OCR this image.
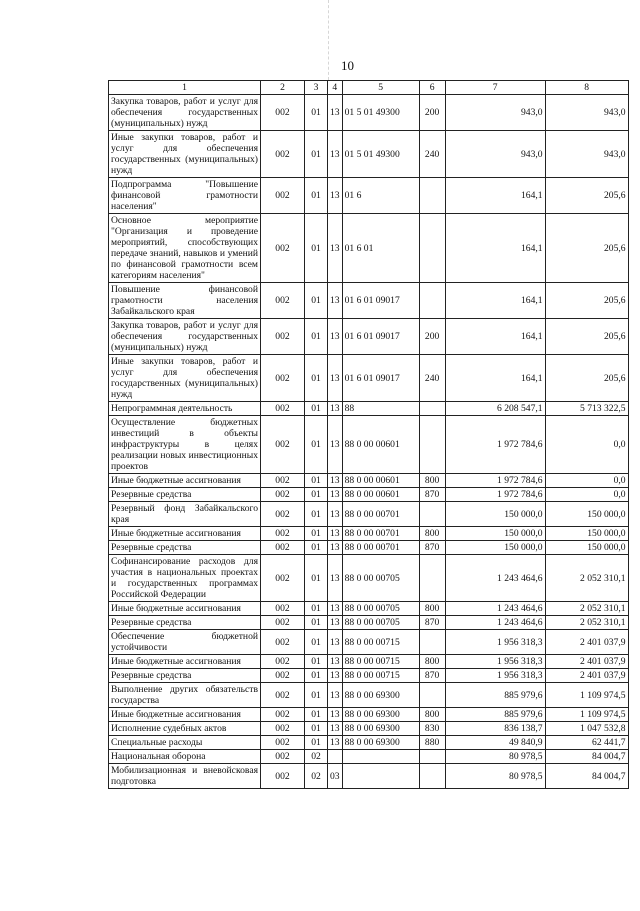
10
1	2	3	4	5	6	7	8
Закупка товаров, работ и услуг для обеспечения государственных (муниципальных) нужд	002	01	13	01 5 01 49300	200	943,0	943,0
Иные закупки товаров, работ и услуг для обеспечения государственных (муниципальных) нужд	002	01	13	01 5 01 49300	240	943,0	943,0
Подпрограмма "Повышение финансовой грамотности населения"	002	01	13	01 6		164,1	205,6
Основное мероприятие "Организация и проведение мероприятий, способствующих передаче знаний, навыков и умений по финансовой грамотности всем категориям населения"	002	01	13	01 6 01		164,1	205,6
Повышение финансовой грамотности населения Забайкальского края	002	01	13	01 6 01 09017		164,1	205,6
Закупка товаров, работ и услуг для обеспечения государственных (муниципальных) нужд	002	01	13	01 6 01 09017	200	164,1	205,6
Иные закупки товаров, работ и услуг для обеспечения государственных (муниципальных) нужд	002	01	13	01 6 01 09017	240	164,1	205,6
Непрограммная деятельность	002	01	13	88		6 208 547,1	5 713 322,5
Осуществление бюджетных инвестиций в объекты инфраструктуры в целях реализации новых инвестиционных проектов	002	01	13	88 0 00 00601		1 972 784,6	0,0
Иные бюджетные ассигнования	002	01	13	88 0 00 00601	800	1 972 784,6	0,0
Резервные средства	002	01	13	88 0 00 00601	870	1 972 784,6	0,0
Резервный фонд Забайкальского края	002	01	13	88 0 00 00701		150 000,0	150 000,0
Иные бюджетные ассигнования	002	01	13	88 0 00 00701	800	150 000,0	150 000,0
Резервные средства	002	01	13	88 0 00 00701	870	150 000,0	150 000,0
Софинансирование расходов для участия в национальных проектах и государственных программах Российской Федерации	002	01	13	88 0 00 00705		1 243 464,6	2 052 310,1
Иные бюджетные ассигнования	002	01	13	88 0 00 00705	800	1 243 464,6	2 052 310,1
Резервные средства	002	01	13	88 0 00 00705	870	1 243 464,6	2 052 310,1
Обеспечение бюджетной устойчивости	002	01	13	88 0 00 00715		1 956 318,3	2 401 037,9
Иные бюджетные ассигнования	002	01	13	88 0 00 00715	800	1 956 318,3	2 401 037,9
Резервные средства	002	01	13	88 0 00 00715	870	1 956 318,3	2 401 037,9
Выполнение других обязательств государства	002	01	13	88 0 00 69300		885 979,6	1 109 974,5
Иные бюджетные ассигнования	002	01	13	88 0 00 69300	800	885 979,6	1 109 974,5
Исполнение судебных актов	002	01	13	88 0 00 69300	830	836 138,7	1 047 532,8
Специальные расходы	002	01	13	88 0 00 69300	880	49 840,9	62 441,7
Национальная оборона	002	02				80 978,5	84 004,7
Мобилизационная и вневойсковая подготовка	002	02	03			80 978,5	84 004,7
